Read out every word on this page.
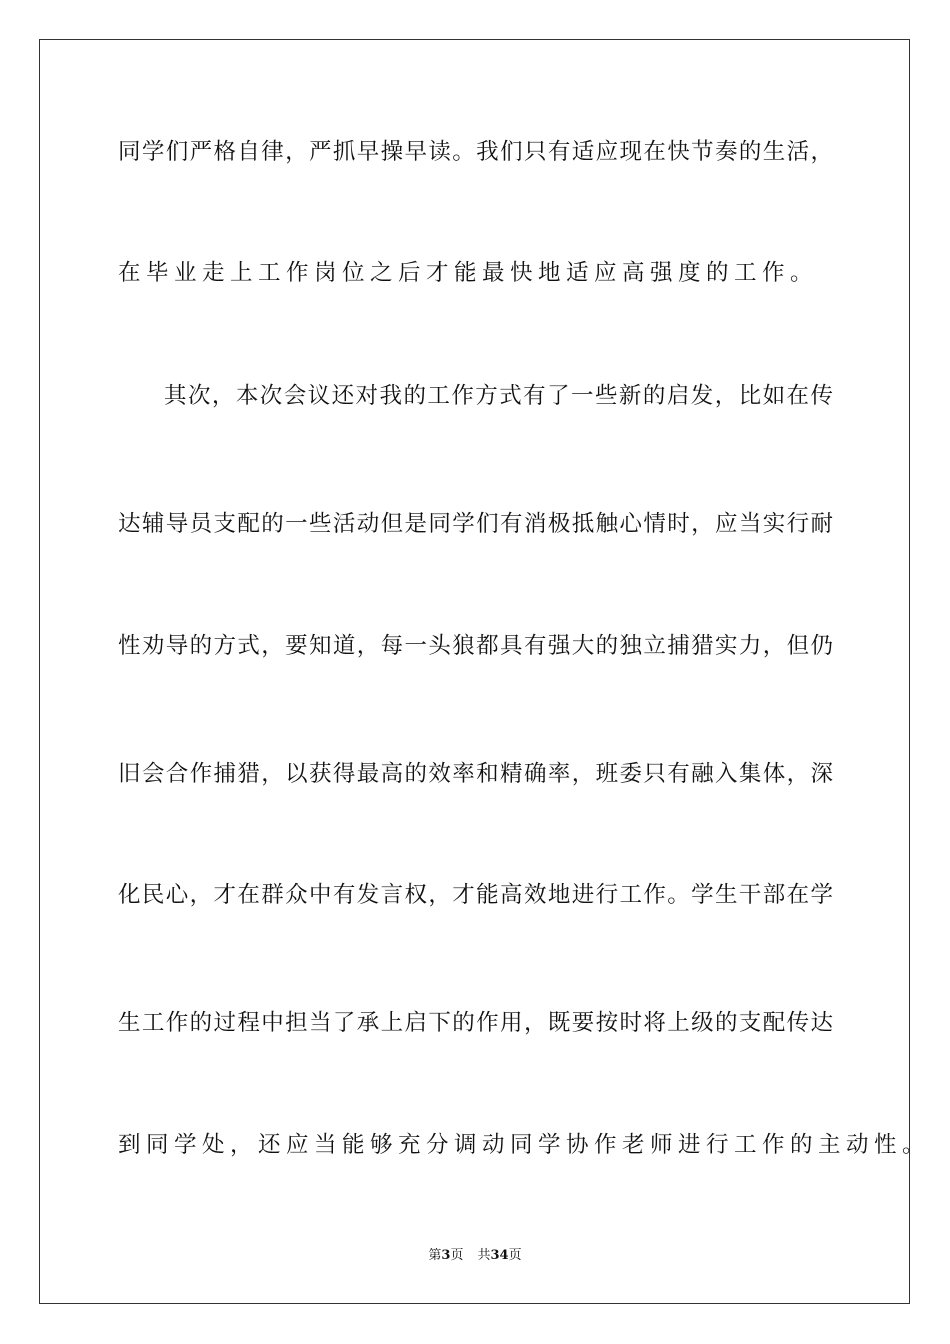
同学们严格自律，严抓早操早读。我们只有适应现在快节奏的生活，
在毕业走上工作岗位之后才能最快地适应高强度的工作。
其次，本次会议还对我的工作方式有了一些新的启发，比如在传
达辅导员支配的一些活动但是同学们有消极抵触心情时，应当实行耐
性劝导的方式，要知道，每一头狼都具有强大的独立捕猎实力，但仍
旧会合作捕猎，以获得最高的效率和精确率，班委只有融入集体，深
化民心，才在群众中有发言权，才能高效地进行工作。学生干部在学
生工作的过程中担当了承上启下的作用，既要按时将上级的支配传达
到同学处，还应当能够充分调动同学协作老师进行工作的主动性。
第3页 共34页
